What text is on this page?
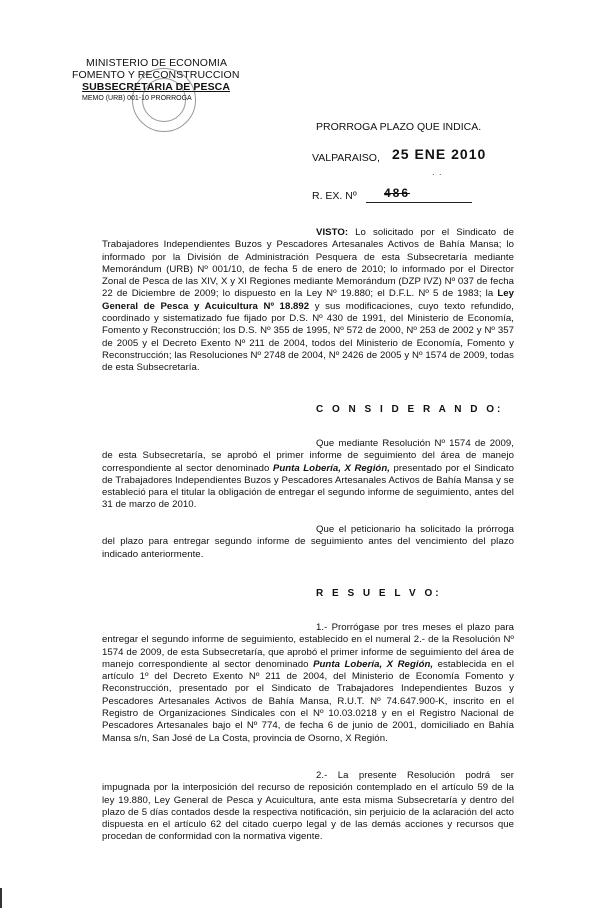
MINISTERIO DE ECONOMIA
FOMENTO Y RECONSTRUCCION
SUBSECRETARIA DE PESCA
MEMO (URB) 001-10 PRORROGA
PRORROGA PLAZO QUE INDICA.
VALPARAISO, 25 ENE 2010
· ·
R. EX. Nº 486
VISTO: Lo solicitado por el Sindicato de Trabajadores Independientes Buzos y Pescadores Artesanales Activos de Bahía Mansa; lo informado por la División de Administración Pesquera de esta Subsecretaría mediante Memorándum (URB) Nº 001/10, de fecha 5 de enero de 2010; lo informado por el Director Zonal de Pesca de las XIV, X y XI Regiones mediante Memorándum (DZP IVZ) Nº 037 de fecha 22 de Diciembre de 2009; lo dispuesto en la Ley Nº 19.880; el D.F.L. Nº 5 de 1983; la Ley General de Pesca y Acuicultura Nº 18.892 y sus modificaciones, cuyo texto refundido, coordinado y sistematizado fue fijado por D.S. Nº 430 de 1991, del Ministerio de Economía, Fomento y Reconstrucción; los D.S. Nº 355 de 1995, Nº 572 de 2000, Nº 253 de 2002 y Nº 357 de 2005 y el Decreto Exento Nº 211 de 2004, todos del Ministerio de Economía, Fomento y Reconstrucción; las Resoluciones Nº 2748 de 2004, Nº 2426 de 2005 y Nº 1574 de 2009, todas de esta Subsecretaría.
C O N S I D E R A N D O:
Que mediante Resolución Nº 1574 de 2009, de esta Subsecretaría, se aprobó el primer informe de seguimiento del área de manejo correspondiente al sector denominado Punta Lobería, X Región, presentado por el Sindicato de Trabajadores Independientes Buzos y Pescadores Artesanales Activos de Bahía Mansa y se estableció para el titular la obligación de entregar el segundo informe de seguimiento, antes del 31 de marzo de 2010.
Que el peticionario ha solicitado la prórroga del plazo para entregar segundo informe de seguimiento antes del vencimiento del plazo indicado anteriormente.
R E S U E L V O:
1.- Prorrógase por tres meses el plazo para entregar el segundo informe de seguimiento, establecido en el numeral 2.- de la Resolución Nº 1574 de 2009, de esta Subsecretaría, que aprobó el primer informe de seguimiento del área de manejo correspondiente al sector denominado Punta Lobería, X Región, establecida en el artículo 1º del Decreto Exento Nº 211 de 2004, del Ministerio de Economía Fomento y Reconstrucción, presentado por el Sindicato de Trabajadores Independientes Buzos y Pescadores Artesanales Activos de Bahía Mansa, R.U.T. Nº 74.647.900-K, inscrito en el Registro de Organizaciones Sindicales con el Nº 10.03.0218 y en el Registro Nacional de Pescadores Artesanales bajo el Nº 774, de fecha 6 de junio de 2001, domiciliado en Bahía Mansa s/n, San José de La Costa, provincia de Osorno, X Región.
2.- La presente Resolución podrá ser impugnada por la interposición del recurso de reposición contemplado en el artículo 59 de la ley 19.880, Ley General de Pesca y Acuicultura, ante esta misma Subsecretaría y dentro del plazo de 5 días contados desde la respectiva notificación, sin perjuicio de la aclaración del acto dispuesta en el artículo 62 del citado cuerpo legal y de las demás acciones y recursos que procedan de conformidad con la normativa vigente.
